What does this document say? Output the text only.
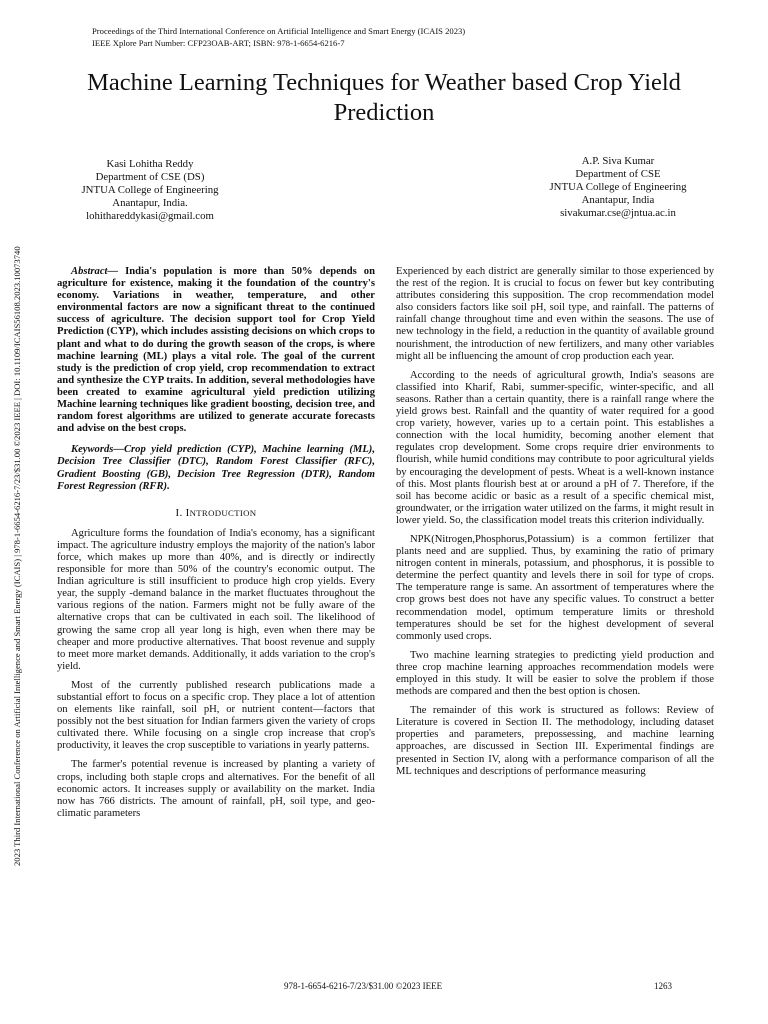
Proceedings of the Third International Conference on Artificial Intelligence and Smart Energy (ICAIS 2023)
IEEE Xplore Part Number: CFP23OAB-ART; ISBN: 978-1-6654-6216-7
2023 Third International Conference on Artificial Intelligence and Smart Energy (ICAIS) | 978-1-6654-6216-7/23/$31.00 ©2023 IEEE | DOI: 10.1109/ICAIS56108.2023.10073740
Machine Learning Techniques for Weather based Crop Yield Prediction
Kasi Lohitha Reddy
Department of CSE (DS)
JNTUA College of Engineering
Anantapur, India.
lohithareddykasi@gmail.com
A.P. Siva Kumar
Department of CSE
JNTUA College of Engineering
Anantapur, India
sivakumar.cse@jntua.ac.in

Abstract— India's population is more than 50% depends on agriculture for existence, making it the foundation of the country's economy. Variations in weather, temperature, and other environmental factors are now a significant threat to the continued success of agriculture. The decision support tool for Crop Yield Prediction (CYP), which includes assisting decisions on which crops to plant and what to do during the growth season of the crops, is where machine learning (ML) plays a vital role. The goal of the current study is the prediction of crop yield, crop recommendation to extract and synthesize the CYP traits. In addition, several methodologies have been created to examine agricultural yield prediction utilizing Machine learning techniques like gradient boosting, decision tree, and random forest algorithms are utilized to generate accurate forecasts and advise on the best crops.

Keywords—Crop yield prediction (CYP), Machine learning (ML), Decision Tree Classifier (DTC), Random Forest Classifier (RFC), Gradient Boosting (GB), Decision Tree Regression (DTR), Random Forest Regression (RFR).

I. INTRODUCTION

Agriculture forms the foundation of India's economy, has a significant impact. The agriculture industry employs the majority of the nation's labor force, which makes up more than 40%, and is directly or indirectly responsible for more than 50% of the country's economic output. The Indian agriculture is still insufficient to produce high crop yields. Every year, the supply -demand balance in the market fluctuates throughout the various regions of the nation. Farmers might not be fully aware of the alternative crops that can be cultivated in each soil. The likelihood of growing the same crop all year long is high, even when there may be cheaper and more productive alternatives. That boost revenue and supply to meet more market demands. Additionally, it adds variation to the crop's yield.

Most of the currently published research publications made a substantial effort to focus on a specific crop. They place a lot of attention on elements like rainfall, soil pH, or nutrient content—factors that possibly not the best situation for Indian farmers given the variety of crops cultivated there. While focusing on a single crop increase that crop's productivity, it leaves the crop susceptible to variations in yearly patterns.

The farmer's potential revenue is increased by planting a variety of crops, including both staple crops and alternatives. For the benefit of all economic actors. It increases supply or availability on the market. India now has 766 districts. The amount of rainfall, pH, soil type, and geo-climatic parameters

Experienced by each district are generally similar to those experienced by the rest of the region. It is crucial to focus on fewer but key contributing attributes considering this supposition. The crop recommendation model also considers factors like soil pH, soil type, and rainfall. The patterns of rainfall change throughout time and even within the seasons. The use of new technology in the field, a reduction in the quantity of available ground nourishment, the introduction of new fertilizers, and many other variables might all be influencing the amount of crop production each year.

According to the needs of agricultural growth, India's seasons are classified into Kharif, Rabi, summer-specific, winter-specific, and all seasons. Rather than a certain quantity, there is a rainfall range where the yield grows best. Rainfall and the quantity of water required for a good crop variety, however, varies up to a certain point. This establishes a connection with the local humidity, becoming another element that regulates crop development. Some crops require drier environments to flourish, while humid conditions may contribute to poor agricultural yields by encouraging the development of pests. Wheat is a well-known instance of this. Most plants flourish best at or around a pH of 7. Therefore, if the soil has become acidic or basic as a result of a specific chemical mist, groundwater, or the irrigation water utilized on the farms, it might result in lower yield. So, the classification model treats this criterion individually.

NPK(Nitrogen,Phosphorus,Potassium) is a common fertilizer that plants need and are supplied. Thus, by examining the ratio of primary nitrogen content in minerals, potassium, and phosphorus, it is possible to determine the perfect quantity and levels there in soil for type of crops. The temperature range is same. An assortment of temperatures where the crop grows best does not have any specific values. To construct a better recommendation model, optimum temperature limits or threshold temperatures should be set for the highest development of several commonly used crops.

Two machine learning strategies to predicting yield production and three crop machine learning approaches recommendation models were employed in this study. It will be easier to solve the problem if those methods are compared and then the best option is chosen.

The remainder of this work is structured as follows: Review of Literature is covered in Section II. The methodology, including dataset properties and parameters, prepossessing, and machine learning approaches, are discussed in Section III. Experimental findings are presented in Section IV, along with a performance comparison of all the ML techniques and descriptions of performance measuring

978-1-6654-6216-7/23/$31.00 ©2023 IEEE	1263
